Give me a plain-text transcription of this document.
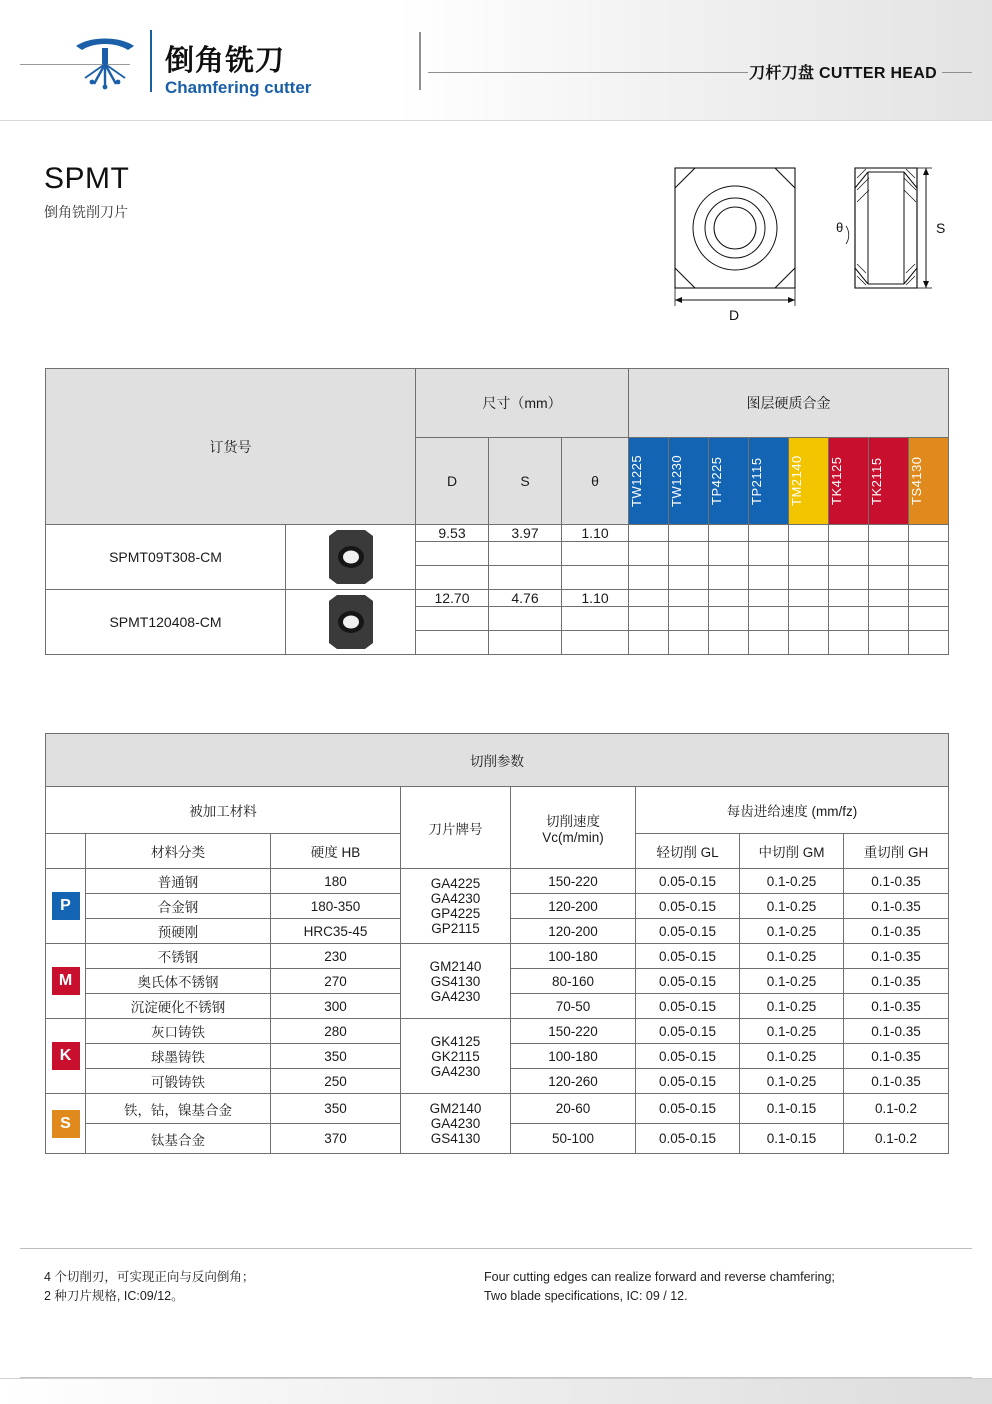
倒角铣刀
Chamfering cutter
刀杆刀盘 CUTTER HEAD
SPMT
倒角铣削刀片
D
θ	S
订货号		尺寸（mm）			图层硬质合金							
		D	S	θ	TW1225	TW1230	TP4225	TP2115	TM2140	TK4125	TK2115	TS4130

SPMT09T308-CM		9.53	3.97	1.10								

SPMT120408-CM		12.70	4.76	1.10								

切削参数							
被加工材料			刀片牌号	切削速度
Vc(m/min)	每齿进给速度 (mm/fz)		
	材料分类	硬度 HB			轻切削 GL	中切削 GM	重切削 GH

P	普通钢	180	GA4225
GA4230
GP4225
GP2115	150-220	0.05-0.15	0.1-0.25	0.1-0.35
	合金钢	180-350		120-200	0.05-0.15	0.1-0.25	0.1-0.35
	预硬刚	HRC35-45		120-200	0.05-0.15	0.1-0.25	0.1-0.35

M	不锈钢	230	GM2140
GS4130
GA4230	100-180	0.05-0.15	0.1-0.25	0.1-0.35
	奥氏体不锈钢	270		80-160	0.05-0.15	0.1-0.25	0.1-0.35
	沉淀硬化不锈钢	300		70-50	0.05-0.15	0.1-0.25	0.1-0.35

K	灰口铸铁	280	GK4125
GK2115
GA4230	150-220	0.05-0.15	0.1-0.25	0.1-0.35
	球墨铸铁	350		100-180	0.05-0.15	0.1-0.25	0.1-0.35
	可锻铸铁	250		120-260	0.05-0.15	0.1-0.25	0.1-0.35

S	铁，钴，镍基合金	350	GM2140
GA4230
GS4130	20-60	0.05-0.15	0.1-0.15	0.1-0.2
	钛基合金	370		50-100	0.05-0.15	0.1-0.15	0.1-0.2
4 个切削刃，可实现正向与反向倒角；
2 种刀片规格, IC:09/12。
Four cutting edges can realize forward and reverse chamfering;
Two blade specifications, IC: 09 / 12.
